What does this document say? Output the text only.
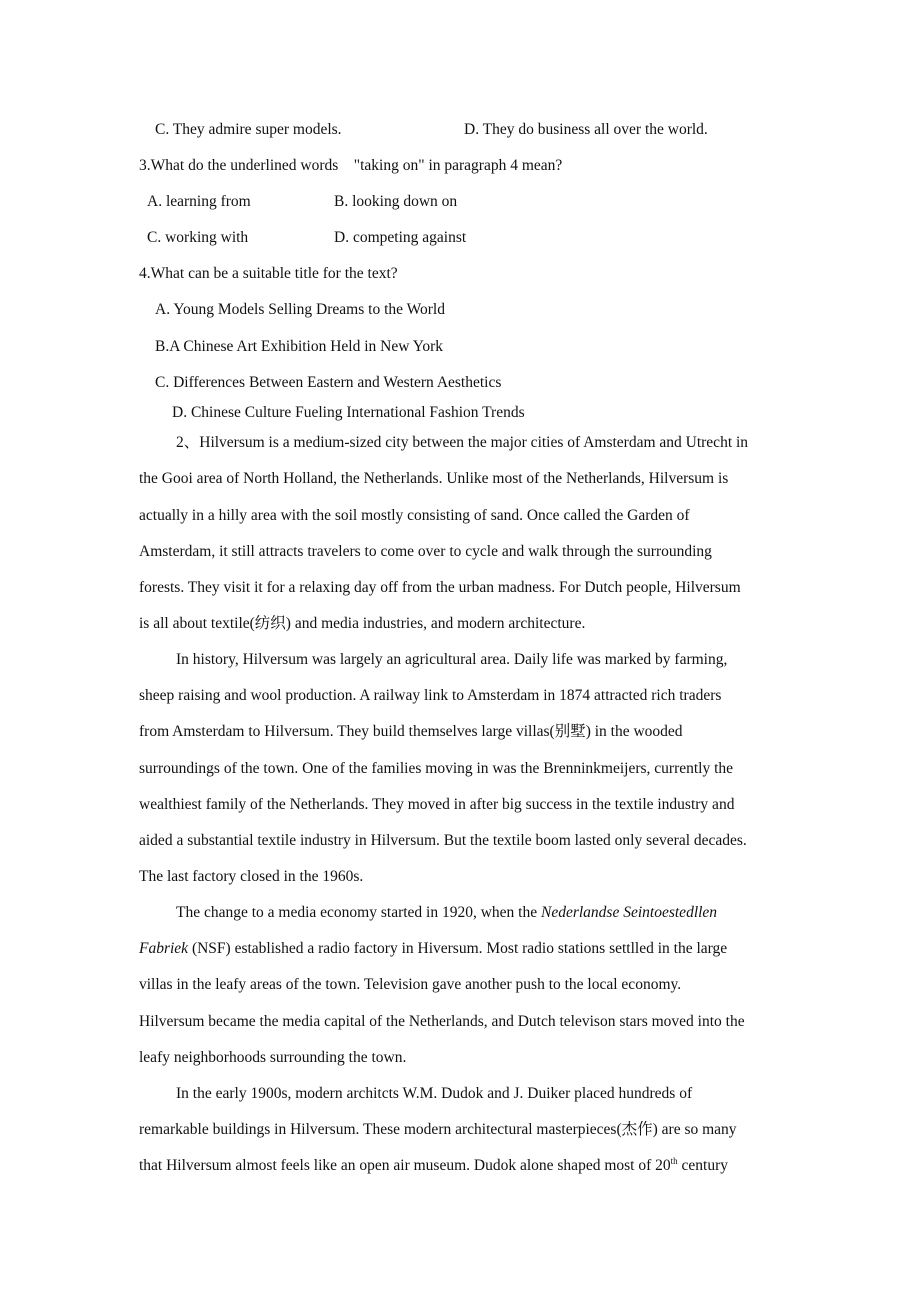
C. They admire super models.	D. They do business all over the world.
3.What do the underlined words    "taking on" in paragraph 4 mean?
A. learning from	B. looking down on
C. working with	D. competing against
4.What can be a suitable title for the text?
A. Young Models Selling Dreams to the World
B.A Chinese Art Exhibition Held in New York
C. Differences Between Eastern and Western Aesthetics
D. Chinese Culture Fueling International Fashion Trends
2、Hilversum is a medium-sized city between the major cities of Amsterdam and Utrecht in
the Gooi area of North Holland, the Netherlands. Unlike most of the Netherlands, Hilversum is
actually in a hilly area with the soil mostly consisting of sand. Once called the Garden of
Amsterdam, it still attracts travelers to come over to cycle and walk through the surrounding
forests. They visit it for a relaxing day off from the urban madness. For Dutch people, Hilversum
is all about textile(纺织) and media industries, and modern architecture.
In history, Hilversum was largely an agricultural area. Daily life was marked by farming,
sheep raising and wool production. A railway link to Amsterdam in 1874 attracted rich traders
from Amsterdam to Hilversum. They build themselves large villas(别墅) in the wooded
surroundings of the town. One of the families moving in was the Brenninkmeijers, currently the
wealthiest family of the Netherlands. They moved in after big success in the textile industry and
aided a substantial textile industry in Hilversum. But the textile boom lasted only several decades.
The last factory closed in the 1960s.
The change to a media economy started in 1920, when the Nederlandse Seintoestedllen
Fabriek (NSF) established a radio factory in Hiversum. Most radio stations settlled in the large
villas in the leafy areas of the town. Television gave another push to the local economy.
Hilversum became the media capital of the Netherlands, and Dutch televison stars moved into the
leafy neighborhoods surrounding the town.
In the early 1900s, modern architcts W.M. Dudok and J. Duiker placed hundreds of
remarkable buildings in Hilversum. These modern architectural masterpieces(杰作) are so many
that Hilversum almost feels like an open air museum. Dudok alone shaped most of 20th century
